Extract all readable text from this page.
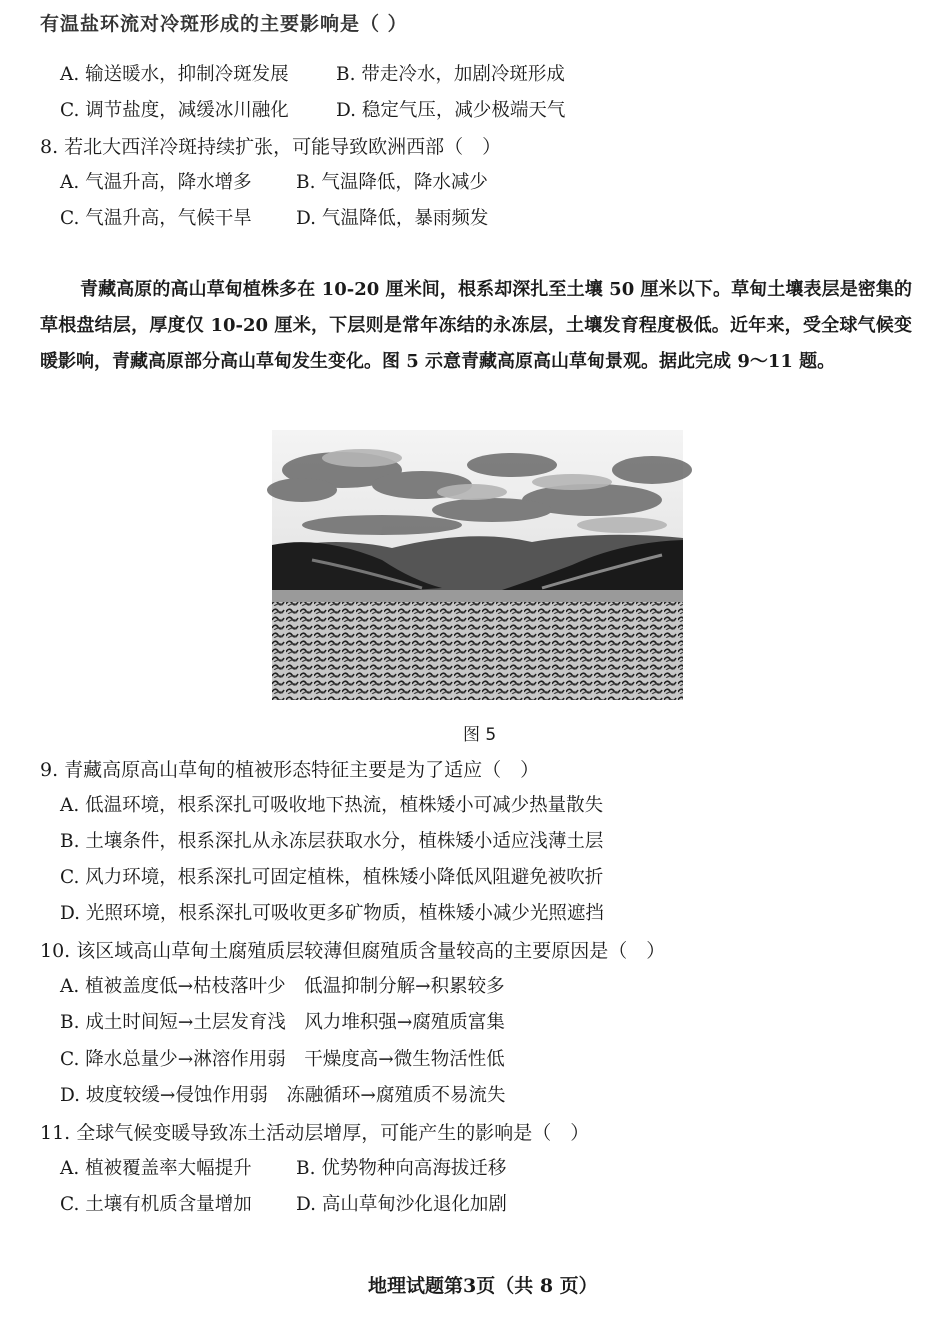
有温盐环流对冷斑形成的主要影响是（ ）
A. 输送暖水，抑制冷斑发展	B. 带走冷水，加剧冷斑形成
C. 调节盐度，减缓冰川融化	D. 稳定气压，减少极端天气
8. 若北大西洋冷斑持续扩张，可能导致欧洲西部（　）
A. 气温升高，降水增多 B. 气温降低，降水减少
C. 气温升高，气候干旱 D. 气温降低，暴雨频发
青藏高原的高山草甸植株多在 10-20 厘米间，根系却深扎至土壤 50 厘米以下。草甸土壤表层是密集的草根盘结层，厚度仅 10-20 厘米，下层则是常年冻结的永冻层，土壤发育程度极低。近年来，受全球气候变暖影响，青藏高原部分高山草甸发生变化。图 5 示意青藏高原高山草甸景观。据此完成 9～11 题。
图 5
9. 青藏高原高山草甸的植被形态特征主要是为了适应（　）
A. 低温环境，根系深扎可吸收地下热流，植株矮小可减少热量散失
B. 土壤条件，根系深扎从永冻层获取水分，植株矮小适应浅薄土层
C. 风力环境，根系深扎可固定植株，植株矮小降低风阻避免被吹折
D. 光照环境，根系深扎可吸收更多矿物质，植株矮小减少光照遮挡
10. 该区域高山草甸土腐殖质层较薄但腐殖质含量较高的主要原因是（　）
A. 植被盖度低→枯枝落叶少　低温抑制分解→积累较多
B. 成土时间短→土层发育浅　风力堆积强→腐殖质富集
C. 降水总量少→淋溶作用弱　干燥度高→微生物活性低
D. 坡度较缓→侵蚀作用弱　冻融循环→腐殖质不易流失
11. 全球气候变暖导致冻土活动层增厚，可能产生的影响是（　）
A. 植被覆盖率大幅提升 B. 优势物种向高海拔迁移
C. 土壤有机质含量增加 D. 高山草甸沙化退化加剧
地理试题第3页（共 8 页）
